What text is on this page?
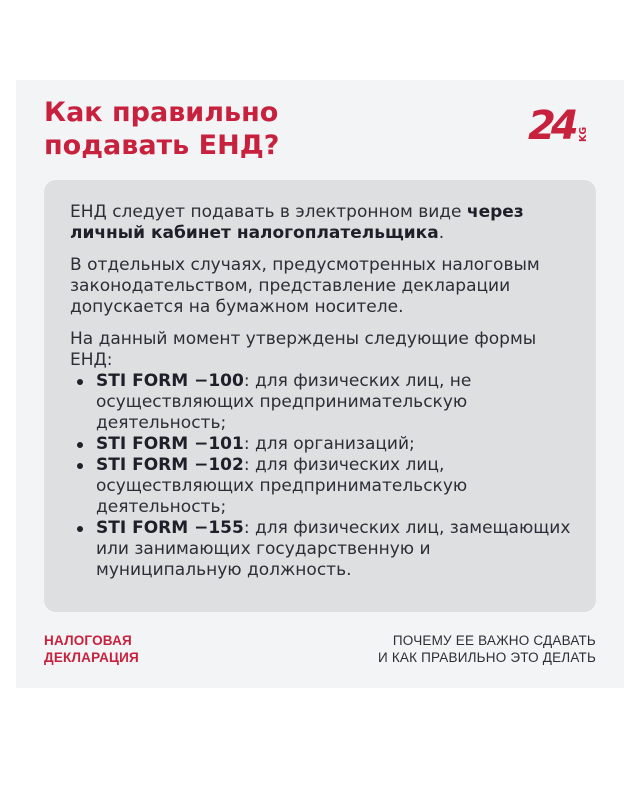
Как правильно
подавать ЕНД?	24 KG

ЕНД следует подавать в электронном виде через личный кабинет налогоплательщика.

В отдельных случаях, предусмотренных налоговым законодательством, представление декларации допускается на бумажном носителе.

На данный момент утверждены следующие формы ЕНД:

STI FORM −100: для физических лиц, не осуществляющих предпринимательскую деятельность;
STI FORM −101: для организаций;
STI FORM −102: для физических лиц, осуществляющих предпринимательскую деятельность;
STI FORM −155: для физических лиц, замещающих или занимающих государственную и муниципальную должность.
НАЛОГОВАЯ
ДЕКЛАРАЦИЯ
ПОЧЕМУ ЕЕ ВАЖНО СДАВАТЬ
И КАК ПРАВИЛЬНО ЭТО ДЕЛАТЬ
